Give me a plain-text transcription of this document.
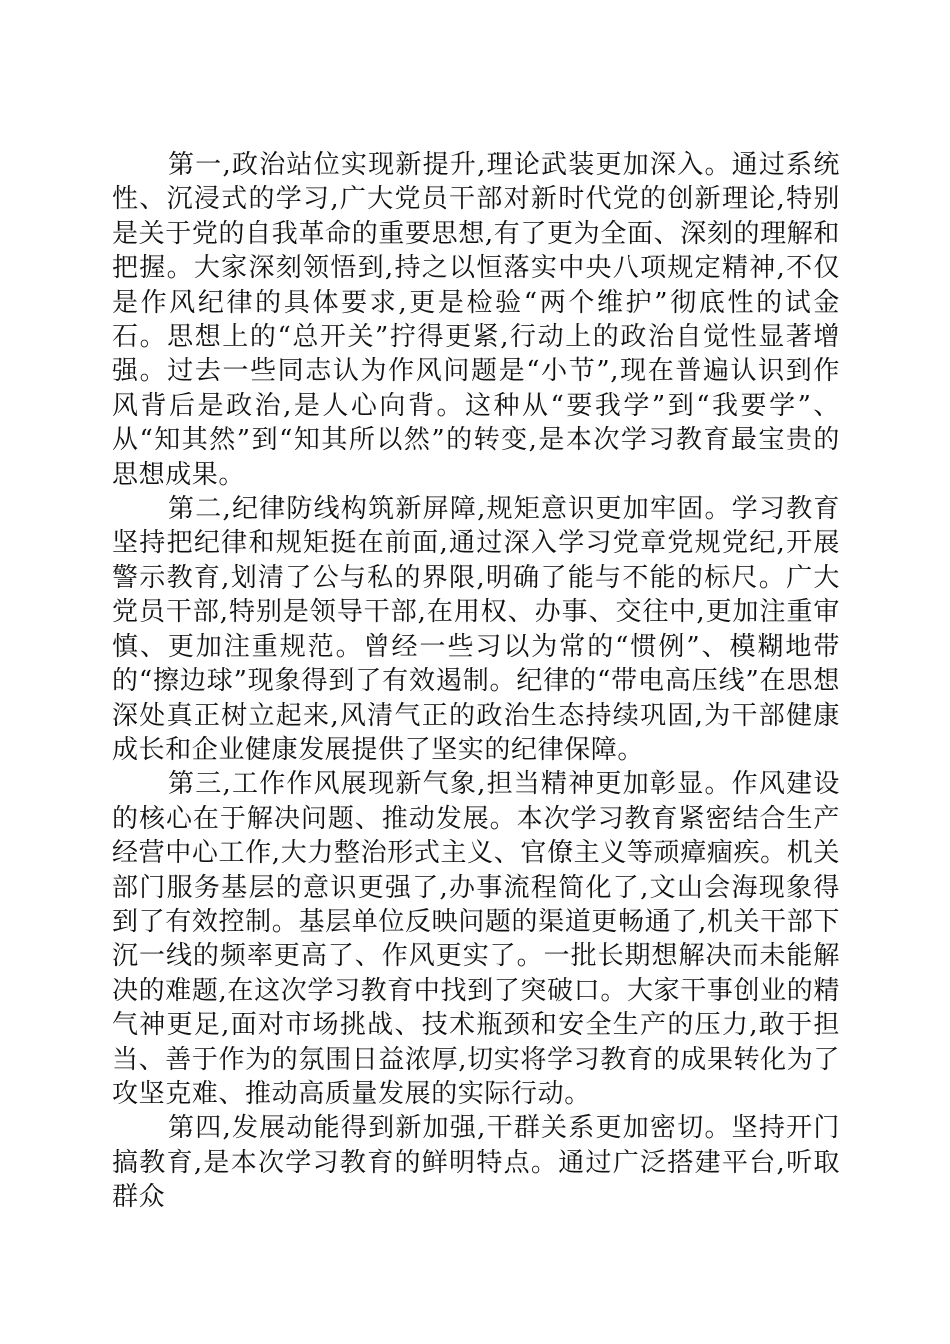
第一,政治站位实现新提升,理论武装更加深入。通过系统性、沉浸式的学习,广大党员干部对新时代党的创新理论,特别是关于党的自我革命的重要思想,有了更为全面、深刻的理解和把握。大家深刻领悟到,持之以恒落实中央八项规定精神,不仅是作风纪律的具体要求,更是检验“两个维护”彻底性的试金石。思想上的“总开关”拧得更紧,行动上的政治自觉性显著增强。过去一些同志认为作风问题是“小节”,现在普遍认识到作风背后是政治,是人心向背。这种从“要我学”到“我要学”、从“知其然”到“知其所以然”的转变,是本次学习教育最宝贵的思想成果。

第二,纪律防线构筑新屏障,规矩意识更加牢固。学习教育坚持把纪律和规矩挺在前面,通过深入学习党章党规党纪,开展警示教育,划清了公与私的界限,明确了能与不能的标尺。广大党员干部,特别是领导干部,在用权、办事、交往中,更加注重审慎、更加注重规范。曾经一些习以为常的“惯例”、模糊地带的“擦边球”现象得到了有效遏制。纪律的“带电高压线”在思想深处真正树立起来,风清气正的政治生态持续巩固,为干部健康成长和企业健康发展提供了坚实的纪律保障。

第三,工作作风展现新气象,担当精神更加彰显。作风建设的核心在于解决问题、推动发展。本次学习教育紧密结合生产经营中心工作,大力整治形式主义、官僚主义等顽瘴痼疾。机关部门服务基层的意识更强了,办事流程简化了,文山会海现象得到了有效控制。基层单位反映问题的渠道更畅通了,机关干部下沉一线的频率更高了、作风更实了。一批长期想解决而未能解决的难题,在这次学习教育中找到了突破口。大家干事创业的精气神更足,面对市场挑战、技术瓶颈和安全生产的压力,敢于担当、善于作为的氛围日益浓厚,切实将学习教育的成果转化为了攻坚克难、推动高质量发展的实际行动。

第四,发展动能得到新加强,干群关系更加密切。坚持开门搞教育,是本次学习教育的鲜明特点。通过广泛搭建平台,听取群众
